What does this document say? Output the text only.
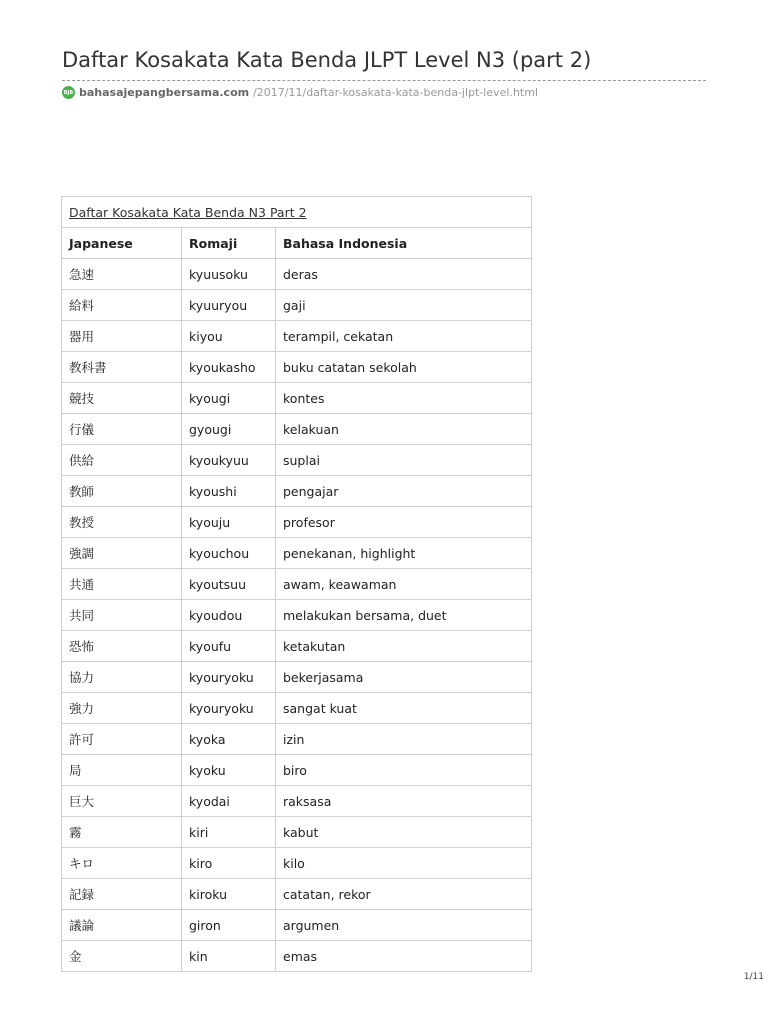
Daftar Kosakata Kata Benda JLPT Level N3 (part 2)
BJB bahasajepangbersama.com /2017/11/daftar-kosakata-kata-benda-jlpt-level.html
Daftar Kosakata Kata Benda N3 Part 2		
Japanese	Romaji	Bahasa Indonesia
急速	kyuusoku	deras
給料	kyuuryou	gaji
器用	kiyou	terampil, cekatan
教科書	kyoukasho	buku catatan sekolah
競技	kyougi	kontes
行儀	gyougi	kelakuan
供給	kyoukyuu	suplai
教師	kyoushi	pengajar
教授	kyouju	profesor
強調	kyouchou	penekanan, highlight
共通	kyoutsuu	awam, keawaman
共同	kyoudou	melakukan bersama, duet
恐怖	kyoufu	ketakutan
協力	kyouryoku	bekerjasama
強力	kyouryoku	sangat kuat
許可	kyoka	izin
局	kyoku	biro
巨大	kyodai	raksasa
霧	kiri	kabut
キロ	kiro	kilo
記録	kiroku	catatan, rekor
議論	giron	argumen
金	kin	emas
1/11
